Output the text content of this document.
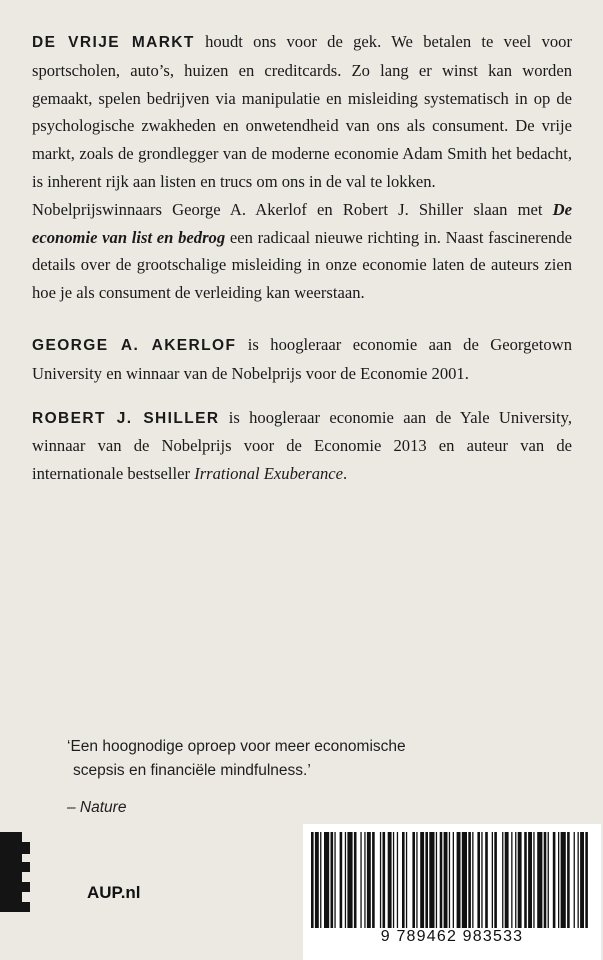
DE VRIJE MARKT houdt ons voor de gek. We betalen te veel voor sportscholen, auto’s, huizen en creditcards. Zo lang er winst kan worden gemaakt, spelen bedrijven via manipulatie en misleiding systematisch in op de psychologische zwakheden en onwetendheid van ons als consument. De vrije markt, zoals de grondlegger van de moderne economie Adam Smith het bedacht, is inherent rijk aan listen en trucs om ons in de val te lokken.

Nobelprijswinnaars George A. Akerlof en Robert J. Shiller slaan met De economie van list en bedrog een radicaal nieuwe richting in. Naast fascinerende details over de grootschalige misleiding in onze economie laten de auteurs zien hoe je als consument de verleiding kan weerstaan.

GEORGE A. AKERLOF is hoogleraar economie aan de Georgetown University en winnaar van de Nobelprijs voor de Economie 2001.

ROBERT J. SHILLER is hoogleraar economie aan de Yale University, winnaar van de Nobelprijs voor de Economie 2013 en auteur van de internationale bestseller Irrational Exuberance.

‘Een hoognodige oproep voor meer economische
scepsis en financiële mindfulness.’
– Nature
AUP.nl
9 789462 983533
